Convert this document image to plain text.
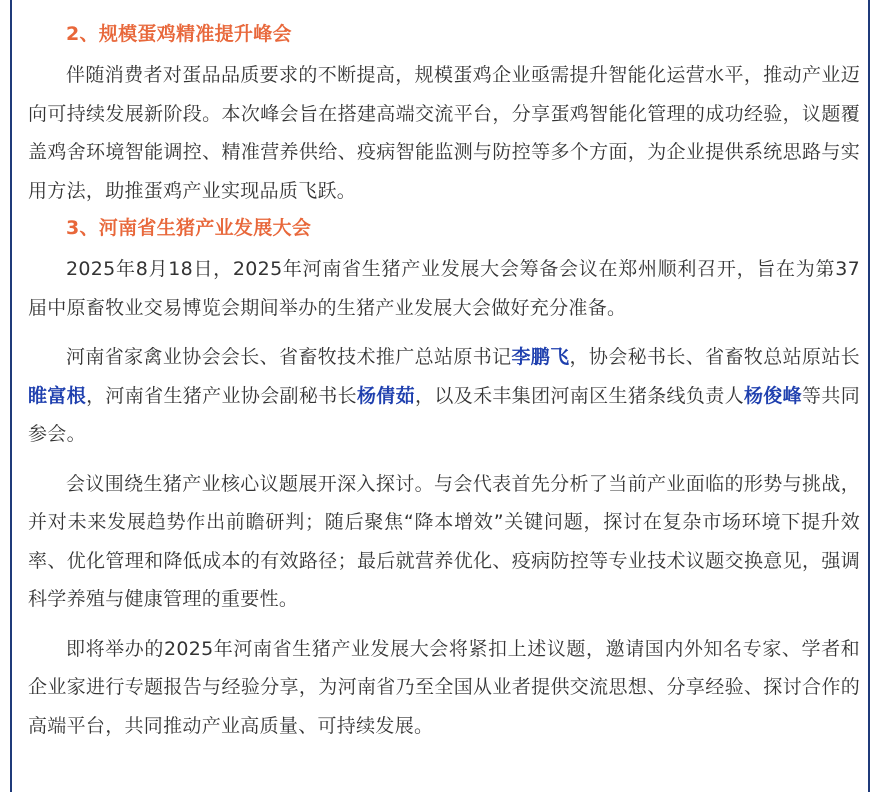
2、规模蛋鸡精准提升峰会

伴随消费者对蛋品品质要求的不断提高，规模蛋鸡企业亟需提升智能化运营水平，推动产业迈向可持续发展新阶段。本次峰会旨在搭建高端交流平台，分享蛋鸡智能化管理的成功经验，议题覆盖鸡舍环境智能调控、精准营养供给、疫病智能监测与防控等多个方面，为企业提供系统思路与实用方法，助推蛋鸡产业实现品质飞跃。

3、河南省生猪产业发展大会

2025年8月18日，2025年河南省生猪产业发展大会筹备会议在郑州顺利召开，旨在为第37届中原畜牧业交易博览会期间举办的生猪产业发展大会做好充分准备。

河南省家禽业协会会长、省畜牧技术推广总站原书记李鹏飞，协会秘书长、省畜牧总站原站长睢富根，河南省生猪产业协会副秘书长杨倩茹，以及禾丰集团河南区生猪条线负责人杨俊峰等共同参会。

会议围绕生猪产业核心议题展开深入探讨。与会代表首先分析了当前产业面临的形势与挑战，并对未来发展趋势作出前瞻研判；随后聚焦“降本增效”关键问题，探讨在复杂市场环境下提升效率、优化管理和降低成本的有效路径；最后就营养优化、疫病防控等专业技术议题交换意见，强调科学养殖与健康管理的重要性。

即将举办的2025年河南省生猪产业发展大会将紧扣上述议题，邀请国内外知名专家、学者和企业家进行专题报告与经验分享，为河南省乃至全国从业者提供交流思想、分享经验、探讨合作的高端平台，共同推动产业高质量、可持续发展。
